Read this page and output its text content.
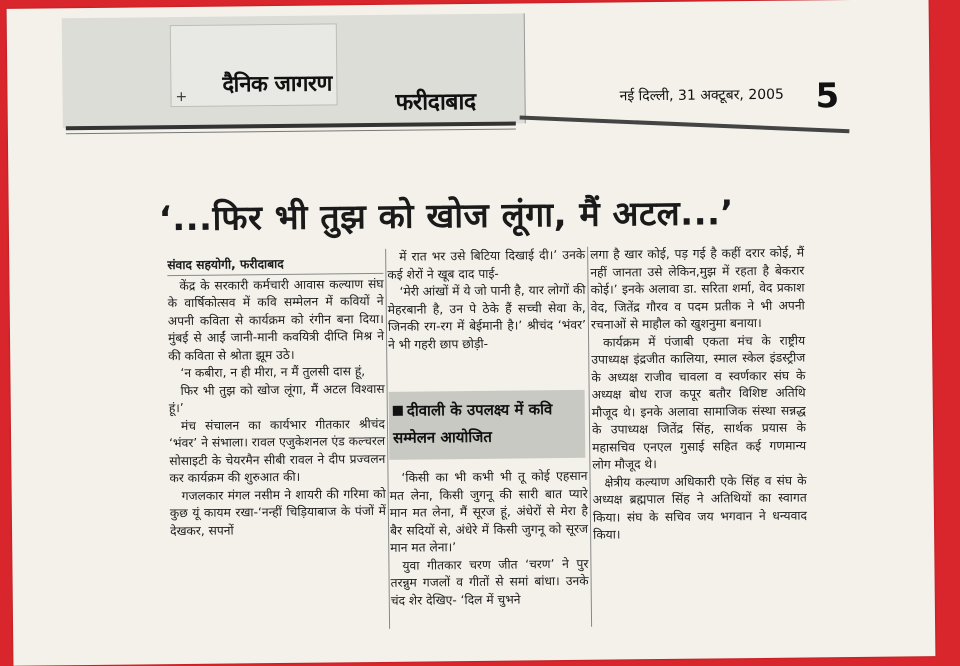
+ दैनिक जागरण
फरीदाबाद	नई दिल्ली, 31 अक्टूबर, 2005 5
‘...फिर भी तुझ को खोज लूंगा, मैं अटल...’

संवाद सहयोगी, फरीदाबाद

केंद्र के सरकारी कर्मचारी आवास कल्याण संघ के वार्षिकोत्सव में कवि सम्मेलन में कवियों ने अपनी कविता से कार्यक्रम को रंगीन बना दिया। मुंबई से आईं जानी-मानी कवयित्री दीप्ति मिश्र ने की कविता से श्रोता झूम उठे।

‘न कबीरा, न ही मीरा, न मैं तुलसी दास हूं,

फिर भी तुझ को खोज लूंगा, मैं अटल विश्वास हूं।’

मंच संचालन का कार्यभार गीतकार श्रीचंद ‘भंवर’ ने संभाला। रावल एजुकेशनल एंड कल्चरल सोसाइटी के चेयरमैन सीबी रावल ने दीप प्रज्वलन कर कार्यक्रम की शुरुआत की।

गजलकार मंगल नसीम ने शायरी की गरिमा को कुछ यूं कायम रखा-‘नन्हीं चिड़ियाबाज के पंजों में देखकर, सपनों

में रात भर उसे बिटिया दिखाई दी।’ उनके कई शेरों ने खूब दाद पाई-

‘मेरी आंखों में ये जो पानी है, यार लोगों की मेहरबानी है, उन पे ठेके हैं सच्ची सेवा के, जिनकी रग-रग में बेईमानी है।’ श्रीचंद ‘भंवर’ ने भी गहरी छाप छोड़ी-

दीवाली के उपलक्ष्य में कवि सम्मेलन आयोजित

‘किसी का भी कभी भी तू कोई एहसान मत लेना, किसी जुगनू की सारी बात प्यारे मान मत लेना, मैं सूरज हूं, अंधेरों से मेरा है बैर सदियों से, अंधेरे में किसी जुगनू को सूरज मान मत लेना।’

युवा गीतकार चरण जीत ‘चरण’ ने पुर तरन्नुम गजलों व गीतों से समां बांधा। उनके चंद शेर देखिए- ‘दिल में चुभने

लगा है खार कोई, पड़ गई है कहीं दरार कोई, मैं नहीं जानता उसे लेकिन,मुझ में रहता है बेकरार कोई।’ इनके अलावा डा. सरिता शर्मा, वेद प्रकाश वेद, जितेंद्र गौरव व पदम प्रतीक ने भी अपनी रचनाओं से माहौल को खुशनुमा बनाया।

कार्यक्रम में पंजाबी एकता मंच के राष्ट्रीय उपाध्यक्ष इंद्रजीत कालिया, स्माल स्केल इंडस्ट्रीज के अध्यक्ष राजीव चावला व स्वर्णकार संघ के अध्यक्ष बोध राज कपूर बतौर विशिष्ट अतिथि मौजूद थे। इनके अलावा सामाजिक संस्था सन्नद्ध के उपाध्यक्ष जितेंद्र सिंह, सार्थक प्रयास के महासचिव एनएल गुसाई सहित कई गणमान्य लोग मौजूद थे।

क्षेत्रीय कल्याण अधिकारी एके सिंह व संघ के अध्यक्ष ब्रह्मपाल सिंह ने अतिथियों का स्वागत किया। संघ के सचिव जय भगवान ने धन्यवाद किया।
